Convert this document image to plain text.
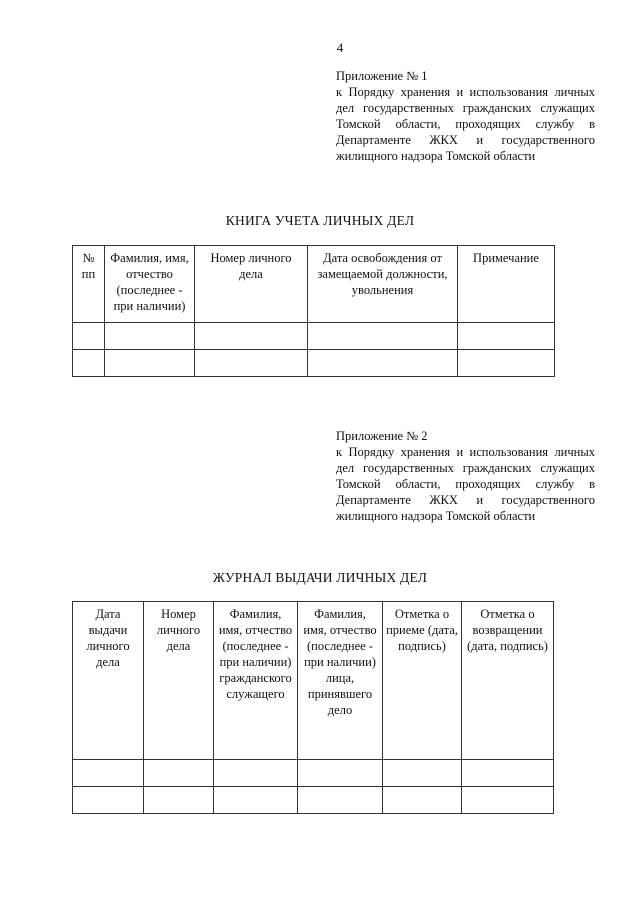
4
Приложение № 1
к Порядку хранения и использования личных дел государственных гражданских служащих Томской области, проходящих службу в Департаменте ЖКХ и государственного жилищного надзора Томской области
КНИГА УЧЕТА ЛИЧНЫХ ДЕЛ
№ пп	Фамилия, имя, отчество (последнее - при наличии)	Номер личного дела	Дата освобождения от замещаемой должности, увольнения	Примечание

Приложение № 2
к Порядку хранения и использования личных дел государственных гражданских служащих Томской области, проходящих службу в Департаменте ЖКХ и государственного жилищного надзора Томской области
ЖУРНАЛ ВЫДАЧИ ЛИЧНЫХ ДЕЛ
Дата выдачи личного дела	Номер личного дела	Фамилия, имя, отчество (последнее - при наличии) гражданского служащего	Фамилия, имя, отчество (последнее - при наличии) лица, принявшего дело	Отметка о приеме (дата, подпись)	Отметка о возвращении (дата, подпись)
